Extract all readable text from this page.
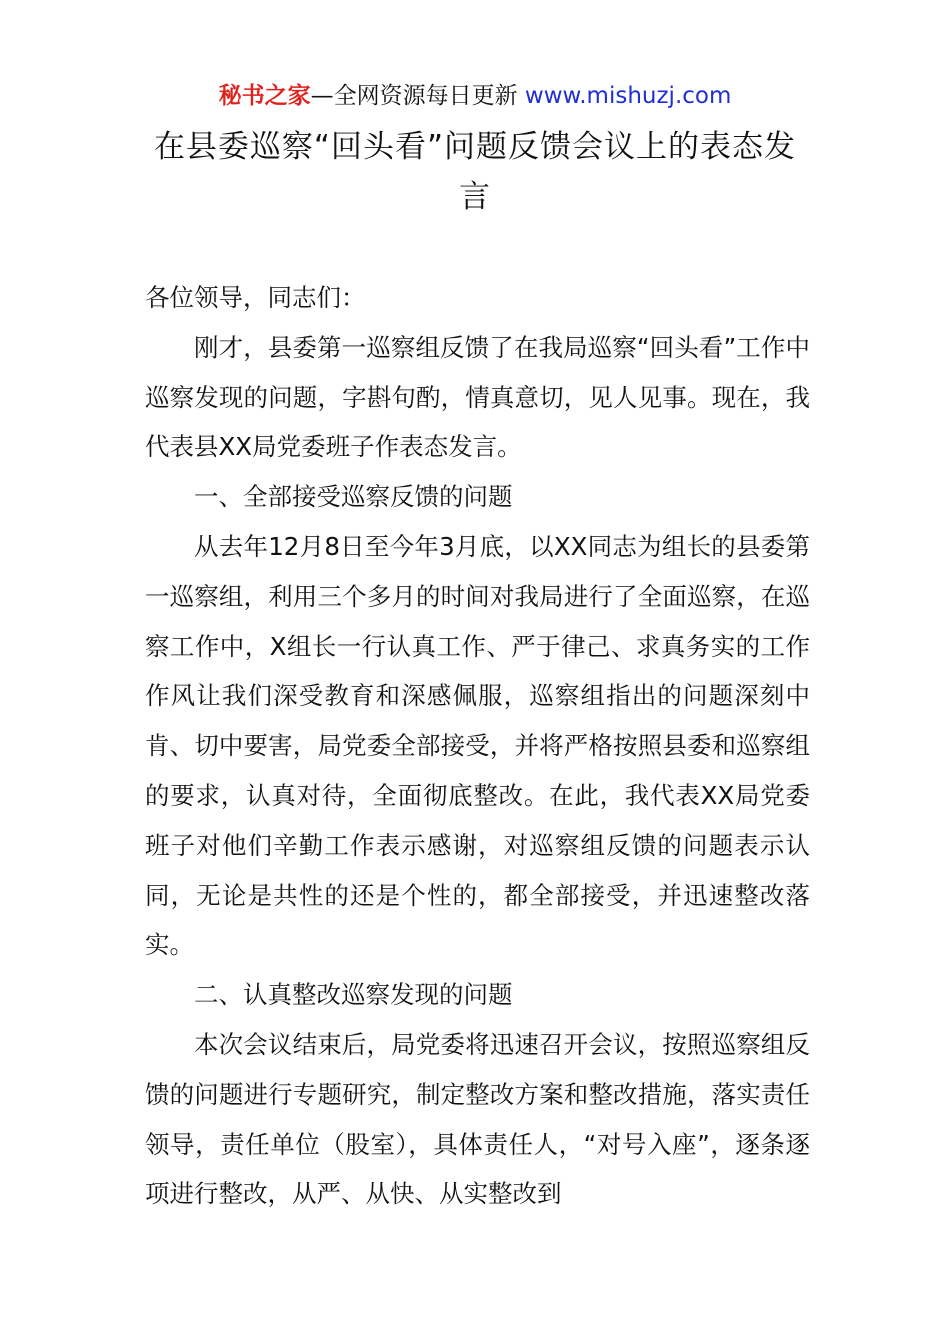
秘书之家—全网资源每日更新 www.mishuzj.com
在县委巡察“回头看”问题反馈会议上的表态发言

各位领导，同志们：

刚才，县委第一巡察组反馈了在我局巡察“回头看”工作中巡察发现的问题，字斟句酌，情真意切，见人见事。现在，我代表县XX局党委班子作表态发言。

一、全部接受巡察反馈的问题

从去年12月8日至今年3月底，以XX同志为组长的县委第一巡察组，利用三个多月的时间对我局进行了全面巡察，在巡察工作中，X组长一行认真工作、严于律己、求真务实的工作作风让我们深受教育和深感佩服，巡察组指出的问题深刻中肯、切中要害，局党委全部接受，并将严格按照县委和巡察组的要求，认真对待，全面彻底整改。在此，我代表XX局党委班子对他们辛勤工作表示感谢，对巡察组反馈的问题表示认同，无论是共性的还是个性的，都全部接受，并迅速整改落实。

二、认真整改巡察发现的问题

本次会议结束后，局党委将迅速召开会议，按照巡察组反馈的问题进行专题研究，制定整改方案和整改措施，落实责任领导，责任单位（股室），具体责任人，“对号入座”，逐条逐项进行整改，从严、从快、从实整改到
